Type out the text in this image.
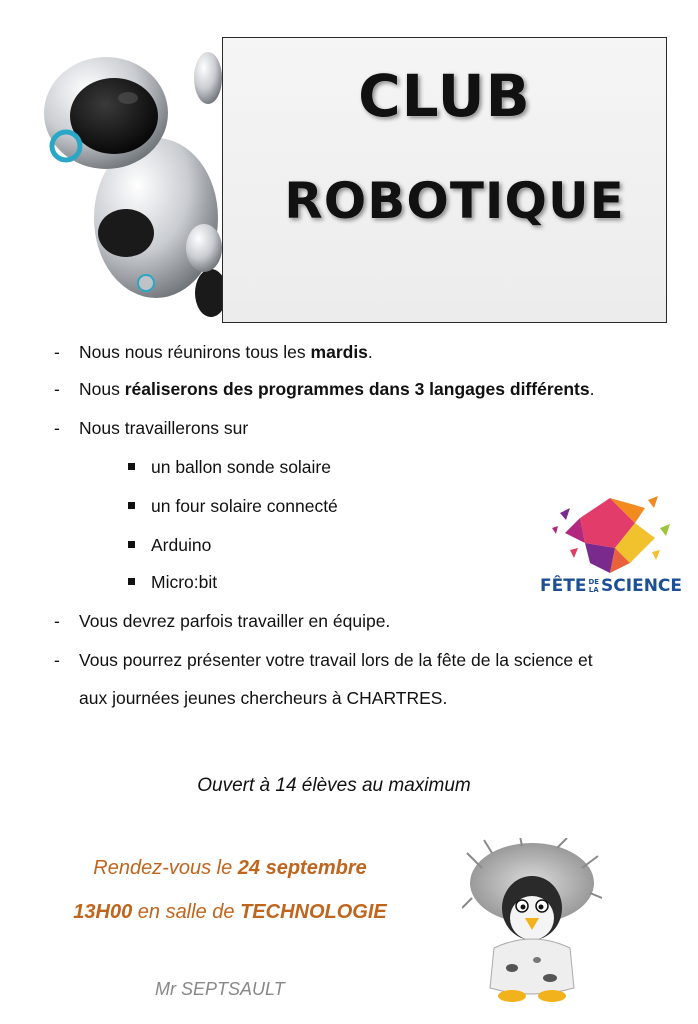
CLUB
ROBOTIQUE
- Nous nous réunirons tous les mardis.
- Nous réaliserons des programmes dans 3 langages différents.
- Nous travaillerons sur
un ballon sonde solaire
un four solaire connecté
Arduino
Micro:bit
- Vous devrez parfois travailler en équipe.
- Vous pourrez présenter votre travail lors de la fête de la science et
aux journées jeunes chercheurs à CHARTRES.
FÊTE DE
LA SCIENCE
Ouvert à 14 élèves au maximum
Rendez-vous le 24 septembre
13H00 en salle de TECHNOLOGIE
Mr SEPTSAULT
